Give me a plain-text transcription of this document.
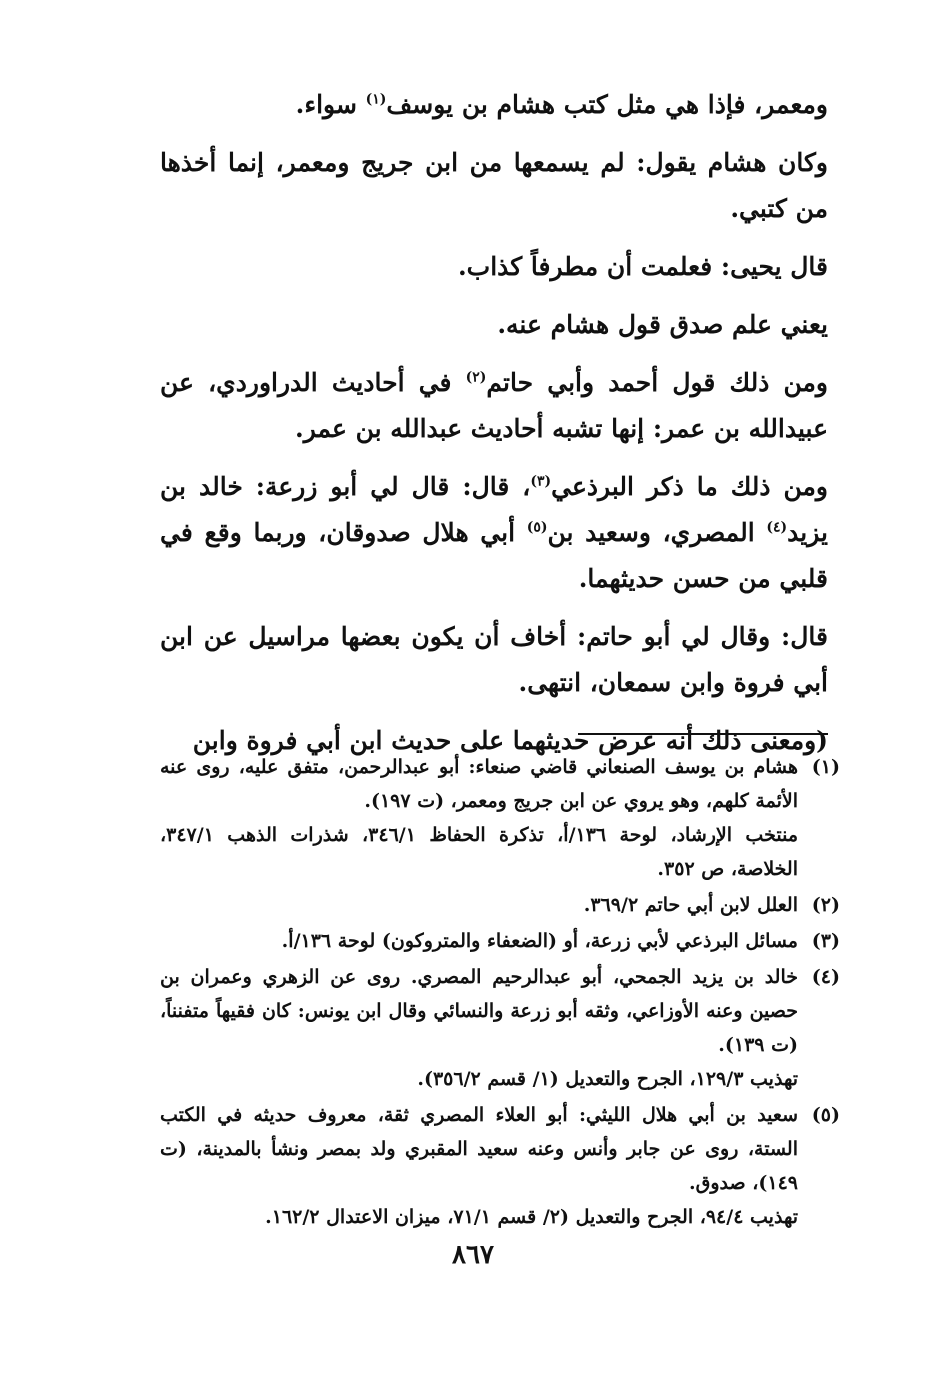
ومعمر، فإذا هي مثل كتب هشام بن يوسف$^{(١)}$ سواء.

وكان هشام يقول: لم يسمعها من ابن جريج ومعمر، إنما أخذها من كتبي.

قال يحيى: فعلمت أن مطرفاً كذاب.

يعني علم صدق قول هشام عنه.

ومن ذلك قول أحمد وأبي حاتم$^{(٢)}$ في أحاديث الدراوردي، عن عبيدالله بن عمر: إنها تشبه أحاديث عبدالله بن عمر.

ومن ذلك ما ذكر البرذعي$^{(٣)}$، قال: قال لي أبو زرعة: خالد بن يزيد$^{(٤)}$ المصري، وسعيد بن$^{(٥)}$ أبي هلال صدوقان، وربما وقع في قلبي من حسن حديثهما.

قال: وقال لي أبو حاتم: أخاف أن يكون بعضها مراسيل عن ابن أبي فروة وابن سمعان، انتهى.

(ومعنى ذلك أنه عرض حديثهما على حديث ابن أبي فروة وابن

(١)
هشام بن يوسف الصنعاني قاضي صنعاء: أبو عبدالرحمن، متفق عليه، روى عنه الأئمة كلهم، وهو يروي عن ابن جريج ومعمر، (ت ١٩٧).
منتخب الإرشاد، لوحة ١٣٦/أ، تذكرة الحفاظ ٣٤٦/١، شذرات الذهب ٣٤٧/١، الخلاصة، ص ٣٥٢.
(٢)
العلل لابن أبي حاتم ٣٦٩/٢.
(٣)
مسائل البرذعي لأبي زرعة، أو (الضعفاء والمتروكون) لوحة ١٣٦/أ.
(٤)
خالد بن يزيد الجمحي، أبو عبدالرحيم المصري. روى عن الزهري وعمران بن حصين وعنه الأوزاعي، وثقه أبو زرعة والنسائي وقال ابن يونس: كان فقيهاً متفنناً، (ت ١٣٩).
تهذيب ١٢٩/٣، الجرح والتعديل (١/ قسم ٣٥٦/٢).
(٥)
سعيد بن أبي هلال الليثي: أبو العلاء المصري ثقة، معروف حديثه في الكتب الستة، روى عن جابر وأنس وعنه سعيد المقبري ولد بمصر ونشأ بالمدينة، (ت ١٤٩)، صدوق.
تهذيب ٩٤/٤، الجرح والتعديل (٢/ قسم ٧١/١، ميزان الاعتدال ١٦٢/٢.
٨٦٧
